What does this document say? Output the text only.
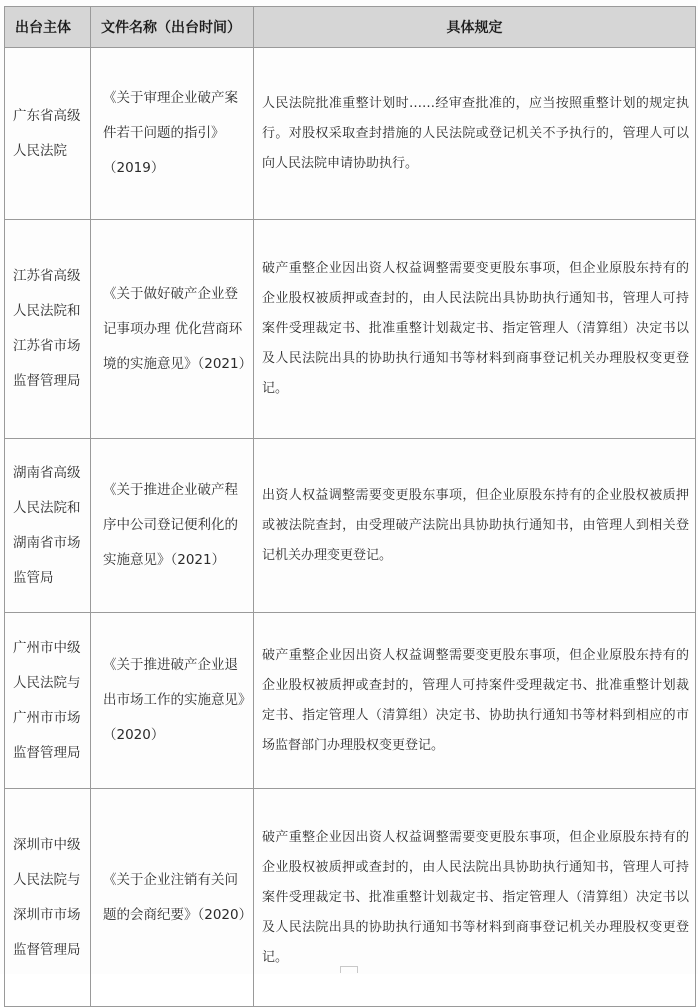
出台主体	文件名称（出台时间）	具体规定

广东省高级人民法院	《关于审理企业破产案件若干问题的指引》（2019）	人民法院批准重整计划时……经审查批准的，应当按照重整计划的规定执行。对股权采取查封措施的人民法院或登记机关不予执行的，管理人可以向人民法院申请协助执行。

江苏省高级人民法院和江苏省市场监督管理局	《关于做好破产企业登记事项办理 优化营商环境的实施意见》（2021）	破产重整企业因出资人权益调整需要变更股东事项，但企业原股东持有的企业股权被质押或查封的，由人民法院出具协助执行通知书，管理人可持案件受理裁定书、批准重整计划裁定书、指定管理人（清算组）决定书以及人民法院出具的协助执行通知书等材料到商事登记机关办理股权变更登记。

湖南省高级人民法院和湖南省市场监管局	《关于推进企业破产程序中公司登记便利化的实施意见》（2021）	出资人权益调整需要变更股东事项，但企业原股东持有的企业股权被质押或被法院查封，由受理破产法院出具协助执行通知书，由管理人到相关登记机关办理变更登记。

广州市中级人民法院与广州市市场监督管理局	《关于推进破产企业退出市场工作的实施意见》（2020）	破产重整企业因出资人权益调整需要变更股东事项，但企业原股东持有的企业股权被质押或查封的，管理人可持案件受理裁定书、批准重整计划裁定书、指定管理人（清算组）决定书、协助执行通知书等材料到相应的市场监督部门办理股权变更登记。

深圳市中级人民法院与深圳市市场监督管理局	《关于企业注销有关问题的会商纪要》（2020）	破产重整企业因出资人权益调整需要变更股东事项，但企业原股东持有的企业股权被质押或查封的，由人民法院出具协助执行通知书，管理人可持案件受理裁定书、批准重整计划裁定书、指定管理人（清算组）决定书以及人民法院出具的协助执行通知书等材料到商事登记机关办理股权变更登记。
